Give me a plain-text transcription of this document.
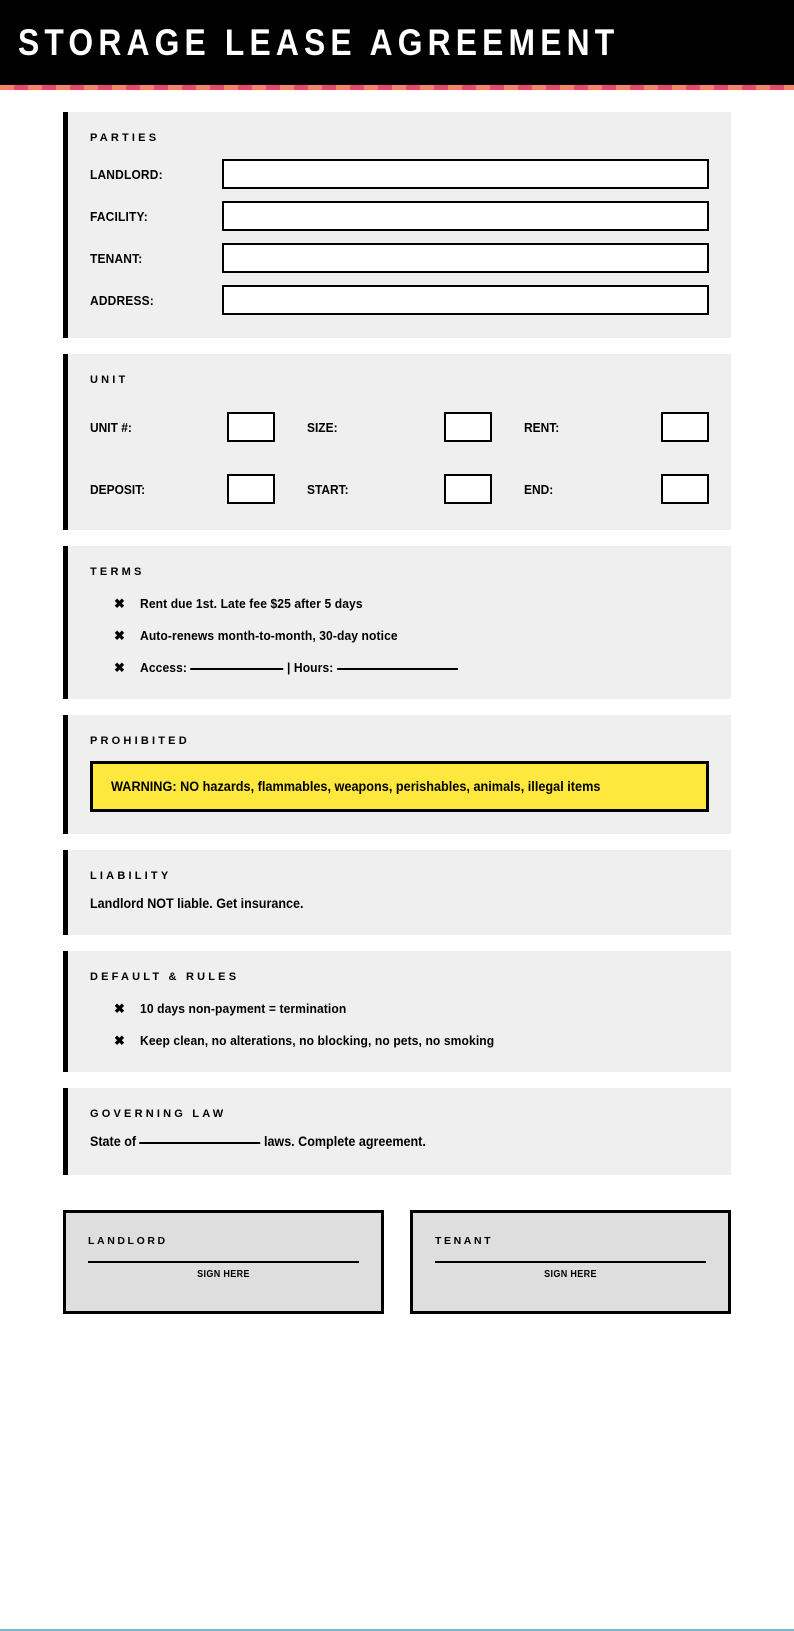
STORAGE LEASE AGREEMENT
PARTIES
LANDLORD:
FACILITY:
TENANT:
ADDRESS:
UNIT
UNIT #:	SIZE:	RENT:
DEPOSIT:	START:	END:
TERMS
✖	Rent due 1st. Late fee $25 after 5 days
✖	Auto-renews month-to-month, 30-day notice
✖	Access:	| Hours:
PROHIBITED
WARNING: NO hazards, flammables, weapons, perishables, animals, illegal items
LIABILITY
Landlord NOT liable. Get insurance.
DEFAULT & RULES
✖	10 days non-payment = termination
✖	Keep clean, no alterations, no blocking, no pets, no smoking
GOVERNING LAW
State of	laws. Complete agreement.
LANDLORD
SIGN HERE
TENANT
SIGN HERE
